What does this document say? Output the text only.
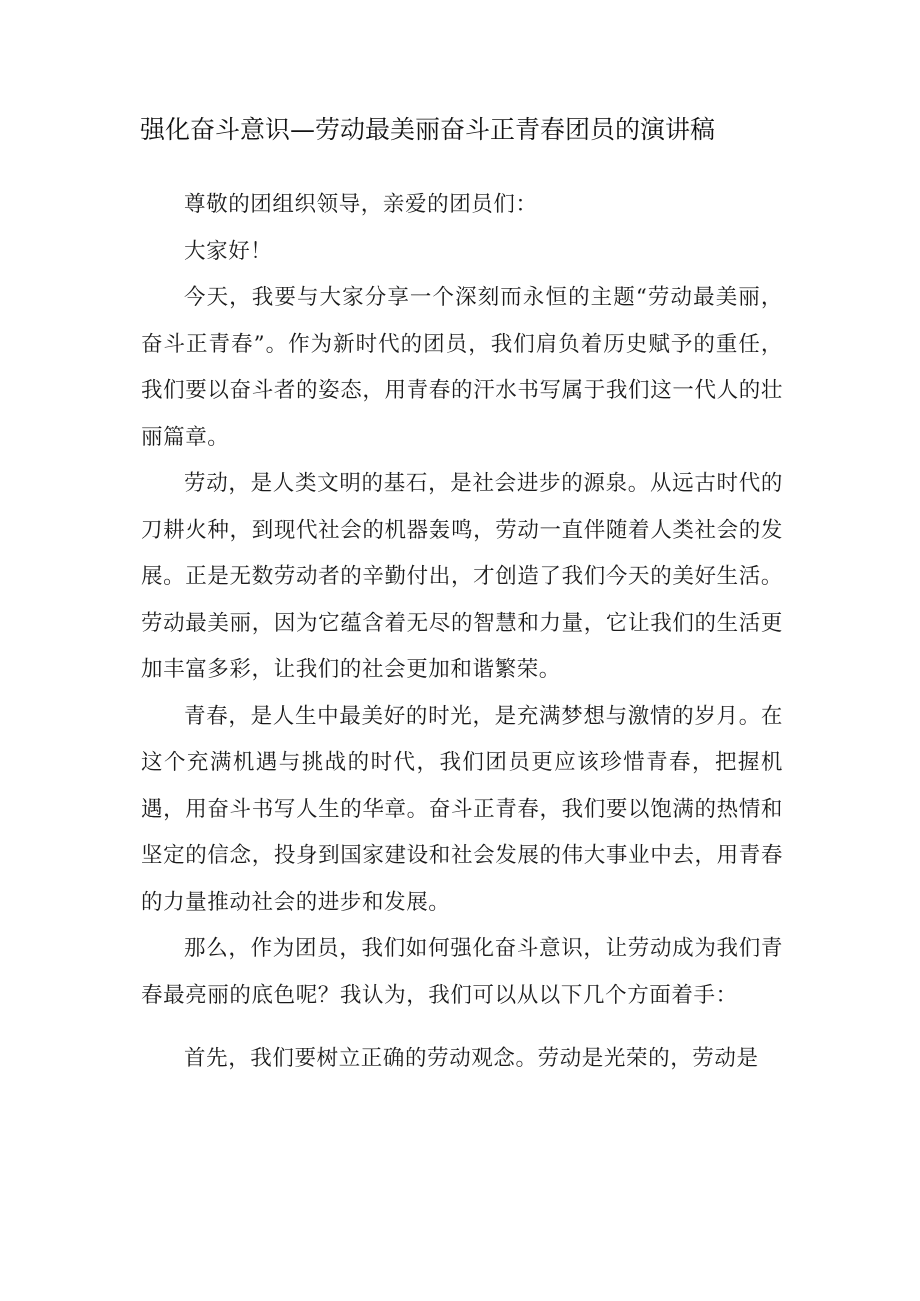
强化奋斗意识—劳动最美丽奋斗正青春团员的演讲稿

尊敬的团组织领导，亲爱的团员们：

大家好！

今天，我要与大家分享一个深刻而永恒的主题“劳动最美丽，奋斗正青春”。作为新时代的团员，我们肩负着历史赋予的重任，我们要以奋斗者的姿态，用青春的汗水书写属于我们这一代人的壮丽篇章。

劳动，是人类文明的基石，是社会进步的源泉。从远古时代的刀耕火种，到现代社会的机器轰鸣，劳动一直伴随着人类社会的发展。正是无数劳动者的辛勤付出，才创造了我们今天的美好生活。劳动最美丽，因为它蕴含着无尽的智慧和力量，它让我们的生活更加丰富多彩，让我们的社会更加和谐繁荣。

青春，是人生中最美好的时光，是充满梦想与激情的岁月。在这个充满机遇与挑战的时代，我们团员更应该珍惜青春，把握机遇，用奋斗书写人生的华章。奋斗正青春，我们要以饱满的热情和坚定的信念，投身到国家建设和社会发展的伟大事业中去，用青春的力量推动社会的进步和发展。

那么，作为团员，我们如何强化奋斗意识，让劳动成为我们青春最亮丽的底色呢？我认为，我们可以从以下几个方面着手：

首先，我们要树立正确的劳动观念。劳动是光荣的，劳动是
